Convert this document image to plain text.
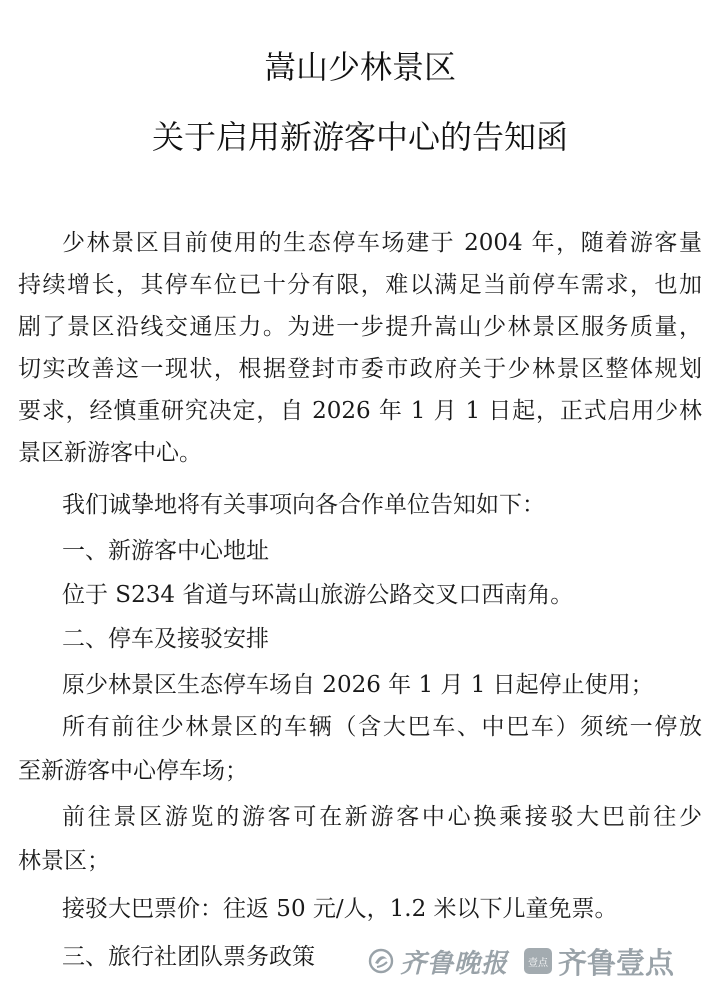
嵩山少林景区
关于启用新游客中心的告知函
少林景区目前使用的生态停车场建于 2004 年，随着游客量
持续增长，其停车位已十分有限，难以满足当前停车需求，也加
剧了景区沿线交通压力。为进一步提升嵩山少林景区服务质量，
切实改善这一现状，根据登封市委市政府关于少林景区整体规划
要求，经慎重研究决定，自 2026 年 1 月 1 日起，正式启用少林
景区新游客中心。
我们诚挚地将有关事项向各合作单位告知如下：
一、新游客中心地址
位于 S234 省道与环嵩山旅游公路交叉口西南角。
二、停车及接驳安排
原少林景区生态停车场自 2026 年 1 月 1 日起停止使用；
所有前往少林景区的车辆（含大巴车、中巴车）须统一停放
至新游客中心停车场；
前往景区游览的游客可在新游客中心换乘接驳大巴前往少
林景区；
接驳大巴票价：往返 50 元/人，1.2 米以下儿童免票。
三、旅行社团队票务政策	齐鲁晚报	壹点 齐鲁壹点
